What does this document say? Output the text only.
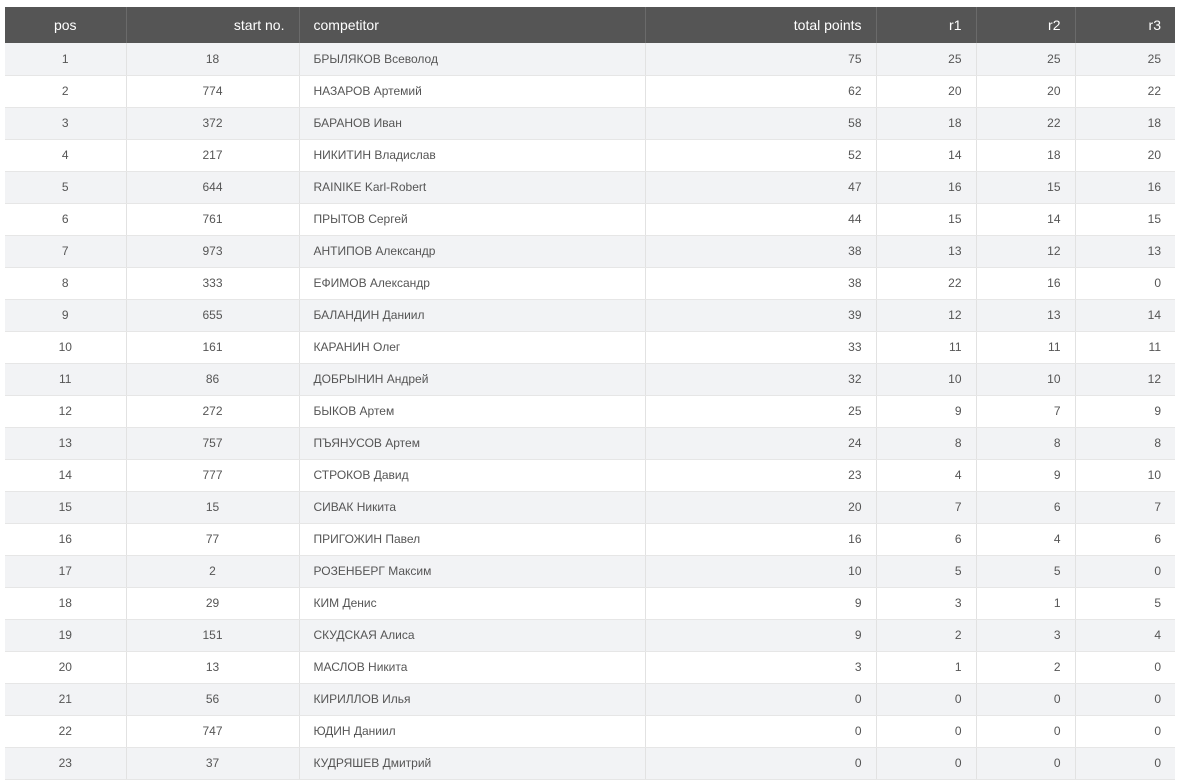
pos	start no.	competitor	total points	r1	r2	r3
1	18	БРЫЛЯКОВ Всеволод	75	25	25	25
2	774	НАЗАРОВ Артемий	62	20	20	22
3	372	БАРАНОВ Иван	58	18	22	18
4	217	НИКИТИН Владислав	52	14	18	20
5	644	RAINIKE Karl-Robert	47	16	15	16
6	761	ПРЫТОВ Сергей	44	15	14	15
7	973	АНТИПОВ Александр	38	13	12	13
8	333	ЕФИМОВ Александр	38	22	16	0
9	655	БАЛАНДИН Даниил	39	12	13	14
10	161	КАРАНИН Олег	33	11	11	11
11	86	ДОБРЫНИН Андрей	32	10	10	12
12	272	БЫКОВ Артем	25	9	7	9
13	757	ПЪЯНУСОВ Артем	24	8	8	8
14	777	СТРОКОВ Давид	23	4	9	10
15	15	СИВАК Никита	20	7	6	7
16	77	ПРИГОЖИН Павел	16	6	4	6
17	2	РОЗЕНБЕРГ Максим	10	5	5	0
18	29	КИМ Денис	9	3	1	5
19	151	СКУДСКАЯ Алиса	9	2	3	4
20	13	МАСЛОВ Никита	3	1	2	0
21	56	КИРИЛЛОВ Илья	0	0	0	0
22	747	ЮДИН Даниил	0	0	0	0
23	37	КУДРЯШЕВ Дмитрий	0	0	0	0
